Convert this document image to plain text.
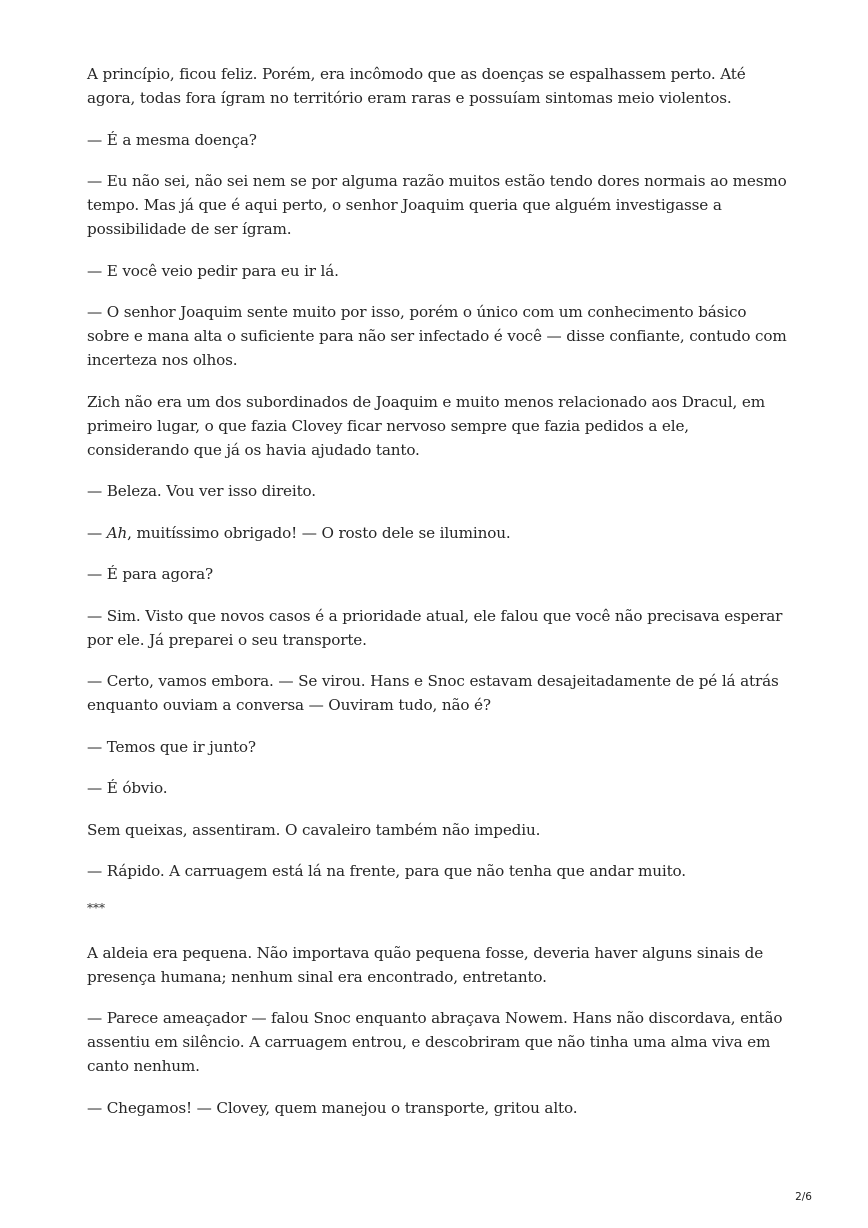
A princípio, ficou feliz. Porém, era incômodo que as doenças se espalhassem perto. Até agora, todas fora ígram no território eram raras e possuíam sintomas meio violentos.

— É a mesma doença?

— Eu não sei, não sei nem se por alguma razão muitos estão tendo dores normais ao mesmo tempo. Mas já que é aqui perto, o senhor Joaquim queria que alguém investigasse a possibilidade de ser ígram.

— E você veio pedir para eu ir lá.

— O senhor Joaquim sente muito por isso, porém o único com um conhecimento básico sobre e mana alta o suficiente para não ser infectado é você — disse confiante, contudo com incerteza nos olhos.

Zich não era um dos subordinados de Joaquim e muito menos relacionado aos Dracul, em primeiro lugar, o que fazia Clovey ficar nervoso sempre que fazia pedidos a ele, considerando que já os havia ajudado tanto.

— Beleza. Vou ver isso direito.

— Ah, muitíssimo obrigado! — O rosto dele se iluminou.

— É para agora?

— Sim. Visto que novos casos é a prioridade atual, ele falou que você não precisava esperar por ele. Já preparei o seu transporte.

— Certo, vamos embora. — Se virou. Hans e Snoc estavam desajeitadamente de pé lá atrás enquanto ouviam a conversa — Ouviram tudo, não é?

— Temos que ir junto?

— É óbvio.

Sem queixas, assentiram. O cavaleiro também não impediu.

— Rápido. A carruagem está lá na frente, para que não tenha que andar muito.

***

A aldeia era pequena. Não importava quão pequena fosse, deveria haver alguns sinais de presença humana; nenhum sinal era encontrado, entretanto.

— Parece ameaçador — falou Snoc enquanto abraçava Nowem. Hans não discordava, então assentiu em silêncio. A carruagem entrou, e descobriram que não tinha uma alma viva em canto nenhum.

— Chegamos! — Clovey, quem manejou o transporte, gritou alto.

2/6
